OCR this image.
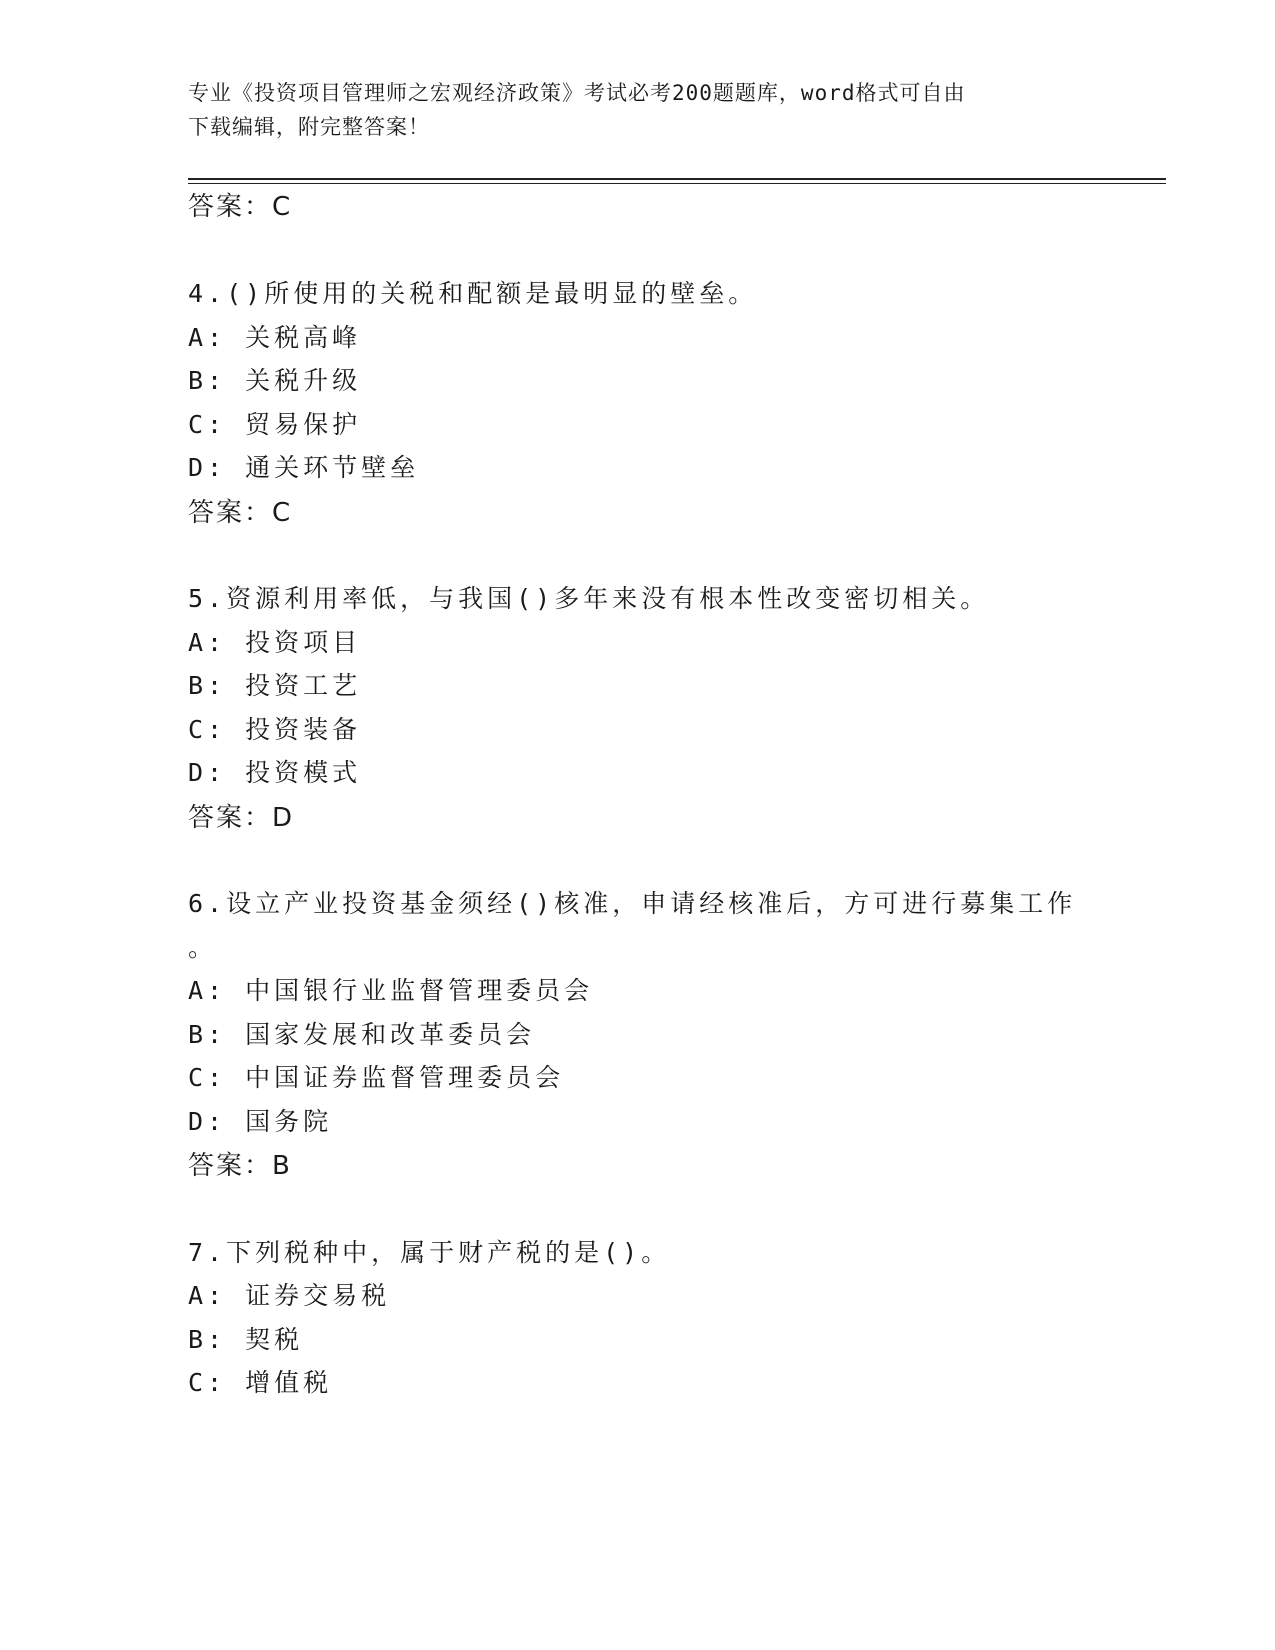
专业《投资项目管理师之宏观经济政策》考试必考200题题库，word格式可自由
下载编辑，附完整答案！
答案：C
4.()所使用的关税和配额是最明显的壁垒。
A: 关税高峰
B: 关税升级
C: 贸易保护
D: 通关环节壁垒
答案：C
5.资源利用率低，与我国()多年来没有根本性改变密切相关。
A: 投资项目
B: 投资工艺
C: 投资装备
D: 投资模式
答案：D
6.设立产业投资基金须经()核准，申请经核准后，方可进行募集工作
。
A: 中国银行业监督管理委员会
B: 国家发展和改革委员会
C: 中国证券监督管理委员会
D: 国务院
答案：B
7.下列税种中，属于财产税的是()。
A: 证券交易税
B: 契税
C: 增值税
